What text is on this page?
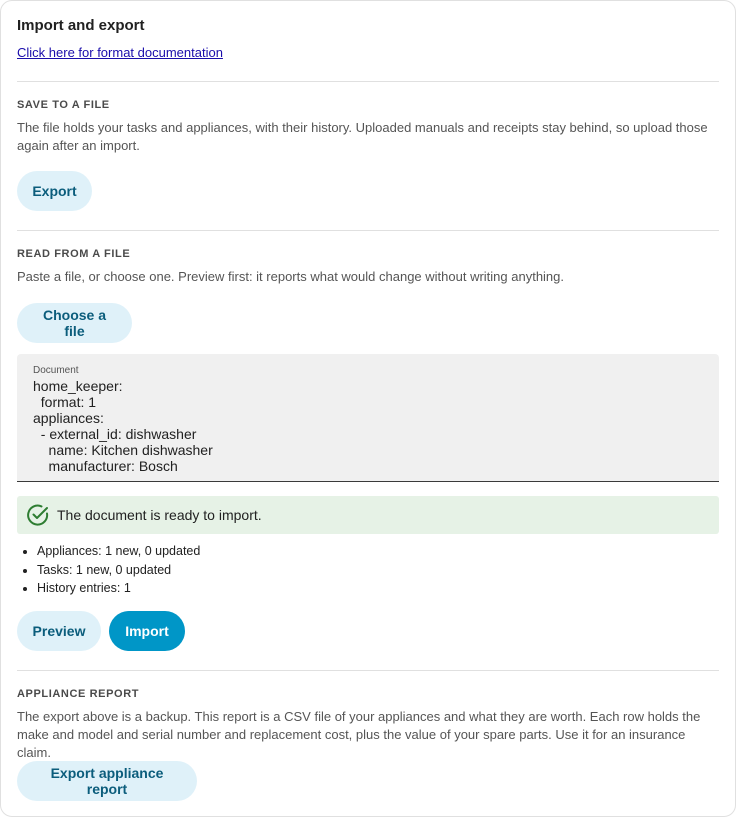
Import and export
Click here for format documentation
SAVE TO A FILE
The file holds your tasks and appliances, with their history. Uploaded manuals and receipts stay behind, so upload those again after an import.
Export
READ FROM A FILE
Paste a file, or choose one. Preview first: it reports what would change without writing anything.
Choose a file
Document
home_keeper:
format: 1
appliances:
- external_id: dishwasher
name: Kitchen dishwasher
manufacturer: Bosch
The document is ready to import.
• Appliances: 1 new, 0 updated
• Tasks: 1 new, 0 updated
• History entries: 1
Preview	Import
APPLIANCE REPORT
The export above is a backup. This report is a CSV file of your appliances and what they are worth. Each row holds the make and model and serial number and replacement cost, plus the value of your spare parts. Use it for an insurance claim.
Export appliance report
